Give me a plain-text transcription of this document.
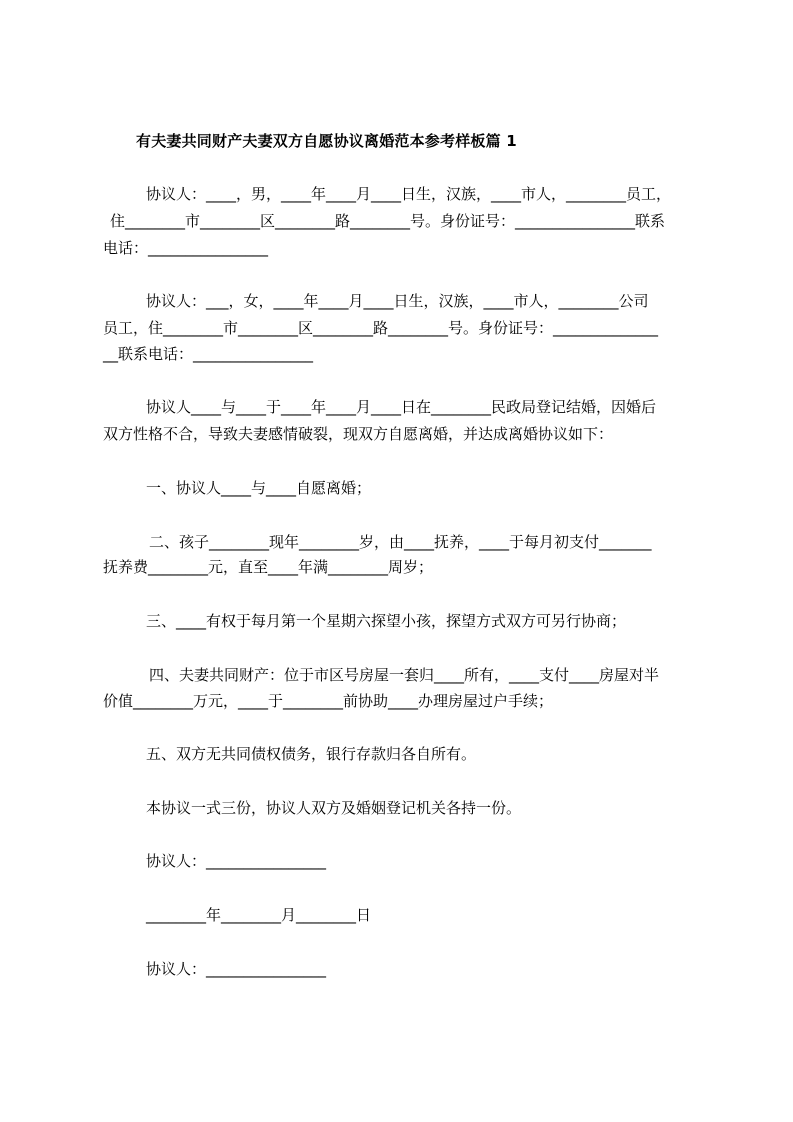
有夫妻共同财产夫妻双方自愿协议离婚范本参考样板篇 1
协议人：____，男，____年____月____日生，汉族，____市人，________员工，
住________市________区________路________号。身份证号：________________联系
电话：________________
协议人：___，女，____年____月____日生，汉族，____市人，________公司
员工，住________市________区________路________号。身份证号：______________
__联系电话：________________
协议人____与____于____年____月____日在________民政局登记结婚，因婚后
双方性格不合，导致夫妻感情破裂，现双方自愿离婚，并达成离婚协议如下：
一、协议人____与____自愿离婚；
二、孩子________现年________岁，由____抚养，____于每月初支付_______
抚养费________元，直至____年满________周岁；
三、____有权于每月第一个星期六探望小孩，探望方式双方可另行协商；
四、夫妻共同财产：位于市区号房屋一套归____所有，____支付____房屋对半
价值________万元，____于________前协助____办理房屋过户手续；
五、双方无共同债权债务，银行存款归各自所有。
本协议一式三份，协议人双方及婚姻登记机关各持一份。
协议人：________________
________年________月________日
协议人：________________
